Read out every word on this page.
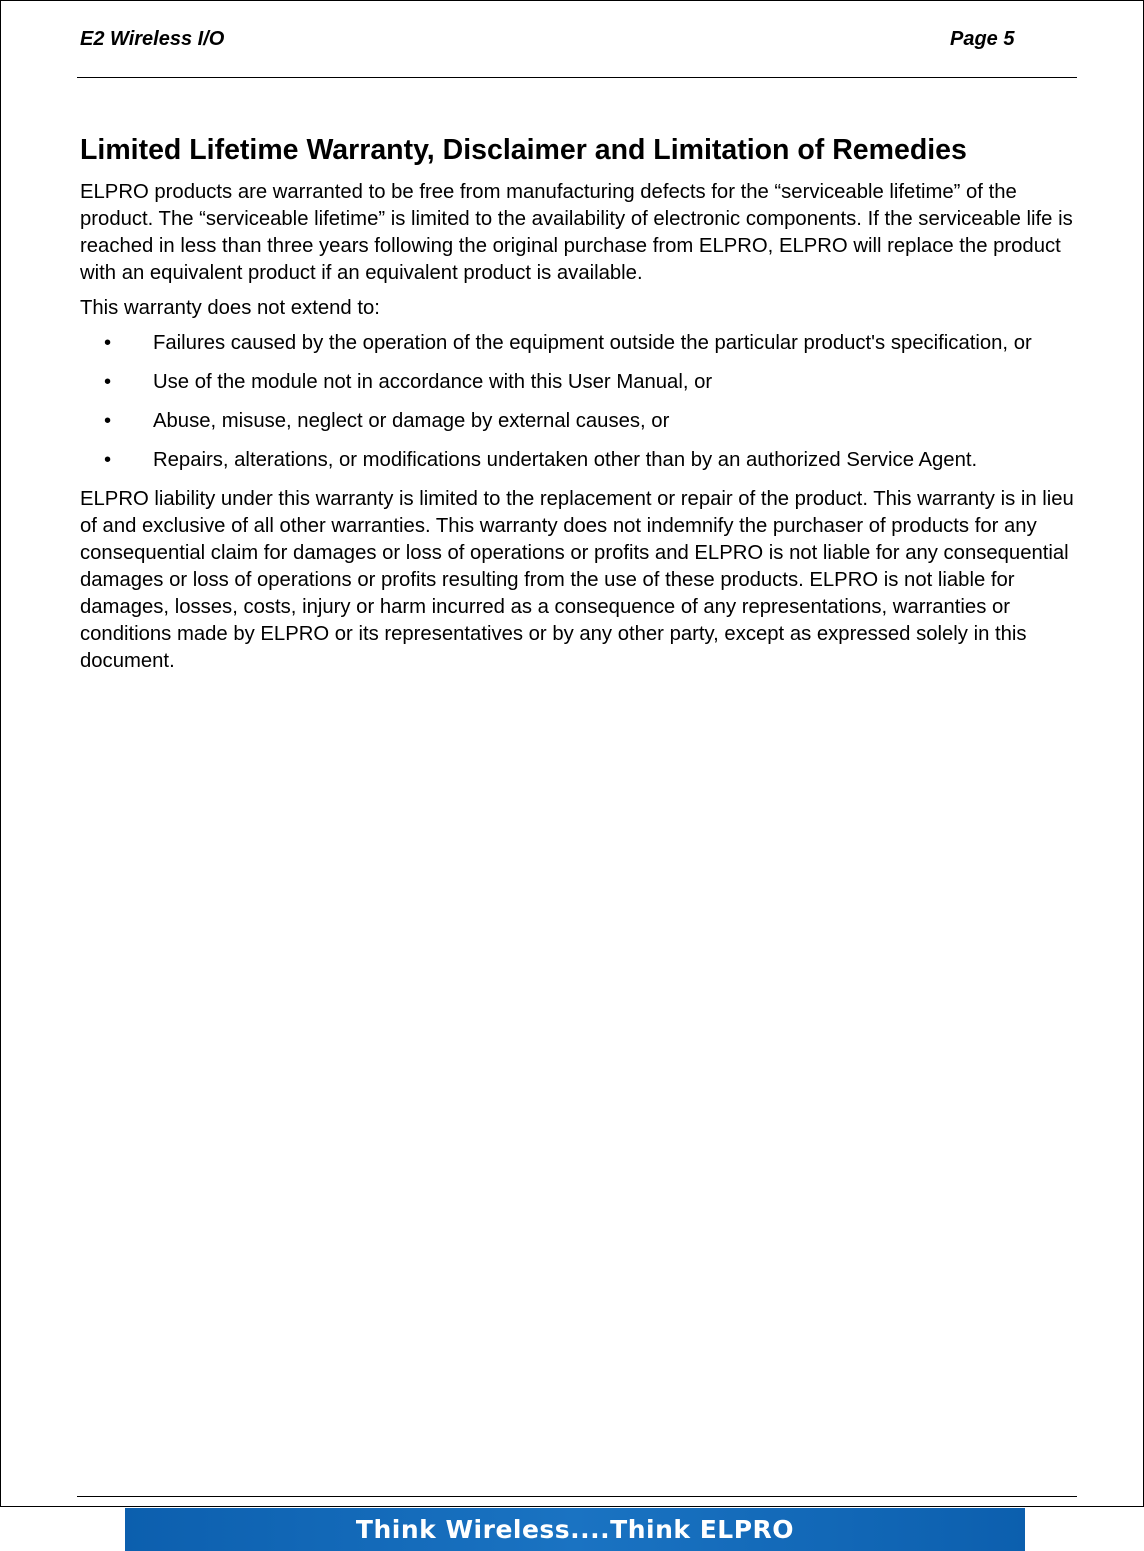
E2 Wireless I/O	Page 5
Limited Lifetime Warranty, Disclaimer and Limitation of Remedies

ELPRO products are warranted to be free from manufacturing defects for the “serviceable lifetime” of the product. The “serviceable lifetime” is limited to the availability of electronic components. If the serviceable life is reached in less than three years following the original purchase from ELPRO, ELPRO will replace the product with an equivalent product if an equivalent product is available.

This warranty does not extend to:

• Failures caused by the operation of the equipment outside the particular product's specification, or
• Use of the module not in accordance with this User Manual, or
• Abuse, misuse, neglect or damage by external causes, or
• Repairs, alterations, or modifications undertaken other than by an authorized Service Agent.

ELPRO liability under this warranty is limited to the replacement or repair of the product. This warranty is in lieu of and exclusive of all other warranties. This warranty does not indemnify the purchaser of products for any consequential claim for damages or loss of operations or profits and ELPRO is not liable for any consequential damages or loss of operations or profits resulting from the use of these products. ELPRO is not liable for damages, losses, costs, injury or harm incurred as a consequence of any representations, warranties or conditions made by ELPRO or its representatives or by any other party, except as expressed solely in this document.

Think Wireless....Think ELPRO
